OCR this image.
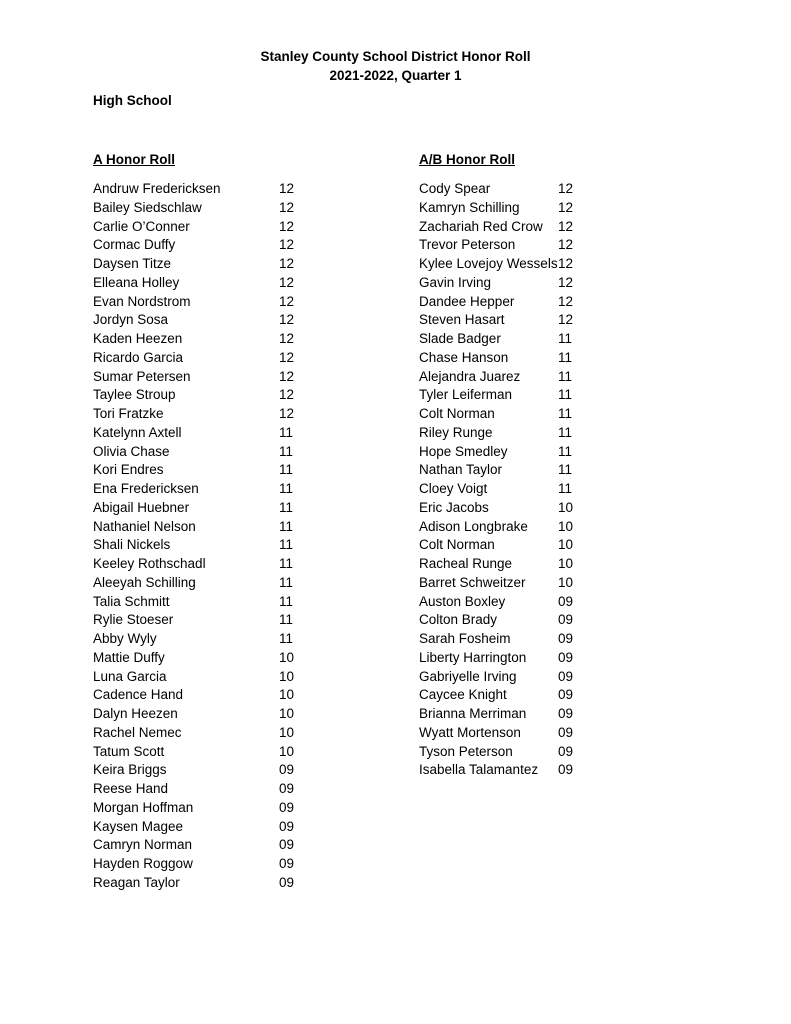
Stanley County School District Honor Roll
2021-2022, Quarter 1
High School
A Honor Roll
Andruw Fredericksen	12
Bailey Siedschlaw	12
Carlie O’Conner	12
Cormac Duffy	12
Daysen Titze	12
Elleana Holley	12
Evan Nordstrom	12
Jordyn Sosa	12
Kaden Heezen	12
Ricardo Garcia	12
Sumar Petersen	12
Taylee Stroup	12
Tori Fratzke	12
Katelynn Axtell	11
Olivia Chase	11
Kori Endres	11
Ena Fredericksen	11
Abigail Huebner	11
Nathaniel Nelson	11
Shali Nickels	11
Keeley Rothschadl	11
Aleeyah Schilling	11
Talia Schmitt	11
Rylie Stoeser	11
Abby Wyly	11
Mattie Duffy	10
Luna Garcia	10
Cadence Hand	10
Dalyn Heezen	10
Rachel Nemec	10
Tatum Scott	10
Keira Briggs	09
Reese Hand	09
Morgan Hoffman	09
Kaysen Magee	09
Camryn Norman	09
Hayden Roggow	09
Reagan Taylor	09
A/B Honor Roll
Cody Spear	12
Kamryn Schilling	12
Zachariah Red Crow 12
Trevor Peterson	12
Kylee Lovejoy Wessels 12
Gavin Irving	12
Dandee Hepper	12
Steven Hasart	12
Slade Badger	11
Chase Hanson	11
Alejandra Juarez	11
Tyler Leiferman	11
Colt Norman	11
Riley Runge	11
Hope Smedley	11
Nathan Taylor	11
Cloey Voigt	11
Eric Jacobs	10
Adison Longbrake 10
Colt Norman	10
Racheal Runge	10
Barret Schweitzer 10
Auston Boxley	09
Colton Brady	09
Sarah Fosheim	09
Liberty Harrington 09
Gabriyelle Irving	09
Caycee Knight	09
Brianna Merriman 09
Wyatt Mortenson	09
Tyson Peterson	09
Isabella Talamantez 09
